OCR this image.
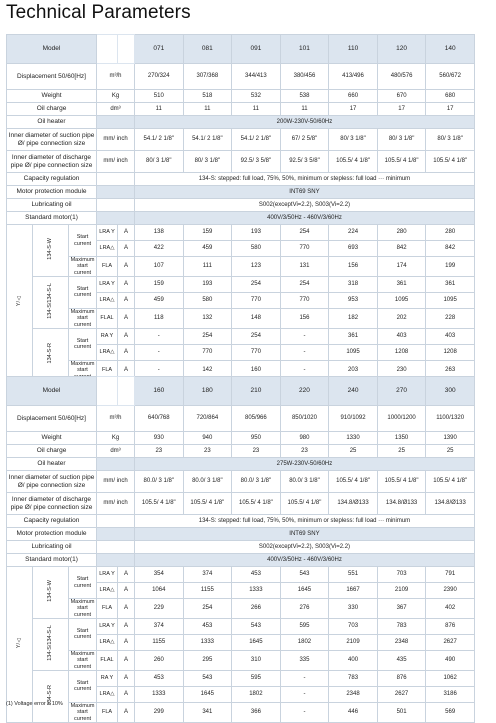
Technical Parameters
Model					071	081	091	101	110	120	140
Displacement 50/60[Hz]			m³/h		270/324	307/368	344/413	380/456	413/496	480/576	560/672
Weight			Kg		510	518	532	538	660	670	680
Oil charge			dm³		11	11	11	11	17	17	17
Oil heater					200W-230V-50/60Hz						
Inner diameter of suction pipe Ø/ pipe connection size			mm/ inch		54.1/ 2 1/8"	54.1/ 2 1/8"	54.1/ 2 1/8"	67/ 2 5/8"	80/ 3 1/8"	80/ 3 1/8"	80/ 3 1/8"
Inner diameter of discharge pipe Ø/ pipe connection size			mm/ inch		80/ 3 1/8"	80/ 3 1/8"	92.5/ 3 5/8"	92.5/ 3 5/8"	105.5/ 4 1/8"	105.5/ 4 1/8"	105.5/ 4 1/8"
Capacity regulation					134-S: stepped: full load, 75%, 50%, minimum or stepless: full load ··· minimum						
Motor protection module					INT69 SNY						
Lubricating oil					S002(exceptVi=2.2), S003(Vi=2.2)						
Standard motor(1)					400V/3/50Hz - 460V/3/60Hz						
Y/△	134-S-W	Start current	LRA Y	A	138	159	193	254	224	280	280
			LRA△	A	422	459	580	770	693	842	842
		Maximum start current	FLA	A	107	111	123	131	156	174	199
	134-S/134-S-L	Start current	LRA Y	A	159	193	254	254	318	361	361
			LRA△	A	459	580	770	770	953	1095	1095
		Maximum start current	FLAL	A	118	132	148	156	182	202	228
	134-S-R	Start current	RA Y	A	-	254	254	-	361	403	403
			LRA△	A	-	770	770	-	1095	1208	1208
		Maximum start	FLA	A	-	142	160	-	203	230	263
Model					160	180	210	220	240	270	300
Displacement 50/60[Hz]			m³/h		640/768	720/864	805/966	850/1020	910/1092	1000/1200	1100/1320
Weight			Kg		930	940	950	980	1330	1350	1390
Oil charge			dm³		23	23	23	23	25	25	25
Oil heater					275W-230V-50/60Hz						
Inner diameter of suction pipe Ø/ pipe connection size			mm/ inch		80.0/ 3 1/8"	80.0/ 3 1/8"	80.0/ 3 1/8"	80.0/ 3 1/8"	105.5/ 4 1/8"	105.5/ 4 1/8"	105.5/ 4 1/8"
Inner diameter of discharge pipe Ø/ pipe connection size			mm/ inch		105.5/ 4 1/8"	105.5/ 4 1/8"	105.5/ 4 1/8"	105.5/ 4 1/8"	134.8/Ø133	134.8/Ø133	134.8/Ø133
Capacity regulation					134-S: stepped: full load, 75%, 50%, minimum or stepless: full load ··· minimum						
Motor protection module					INT69 SNY						
Lubricating oil					S002(exceptVi=2.2), S003(Vi=2.2)						
Standard motor(1)					400V/3/50Hz - 460V/3/60Hz						
Y/△	134-S-W	Start current	LRA Y	A	354	374	453	543	551	703	791
			LRA△	A	1064	1155	1333	1645	1667	2109	2390
		Maximum start current	FLA	A	229	254	266	276	330	367	402
	134-S/134-S-L	Start current	LRA Y	A	374	453	543	595	703	783	876
			LRA△	A	1155	1333	1645	1802	2109	2348	2627
		Maximum start current	FLAL	A	260	295	310	335	400	435	490
	134-S-R	Start current	RA Y	A	453	543	595	-	783	876	1062
			LRA△	A	1333	1645	1802	-	2348	2627	3186
		Maximum start current	FLA	A	299	341	366	-	446	501	569
(1) Voltage error ± 10%
